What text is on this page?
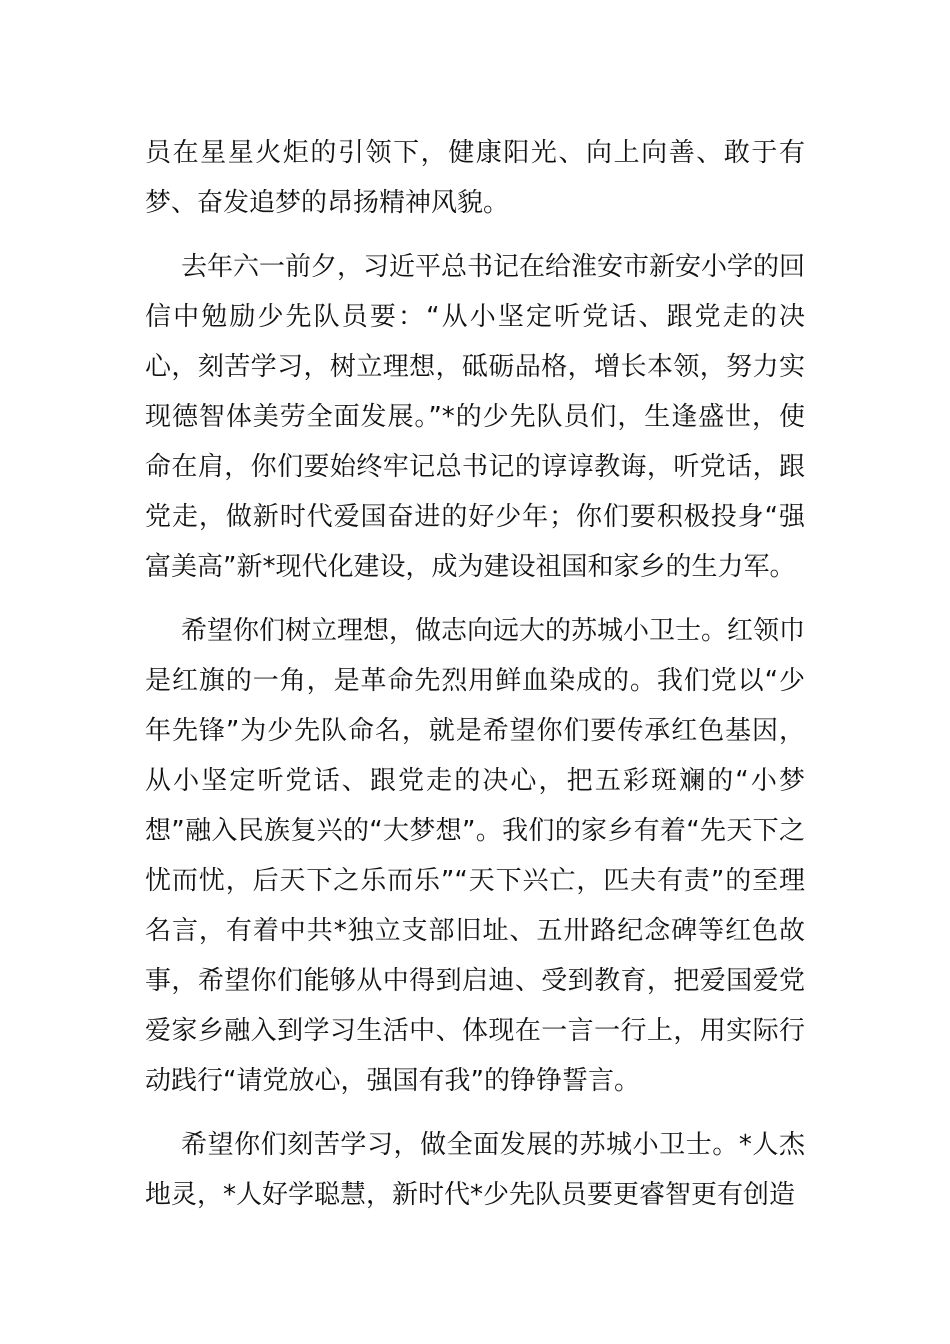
员在星星火炬的引领下，健康阳光、向上向善、敢于有梦、奋发追梦的昂扬精神风貌。

去年六一前夕，习近平总书记在给淮安市新安小学的回信中勉励少先队员要：“从小坚定听党话、跟党走的决心，刻苦学习，树立理想，砥砺品格，增长本领，努力实现德智体美劳全面发展。”*的少先队员们，生逢盛世，使命在肩，你们要始终牢记总书记的谆谆教诲，听党话，跟党走，做新时代爱国奋进的好少年；你们要积极投身“强富美高”新*现代化建设，成为建设祖国和家乡的生力军。

希望你们树立理想，做志向远大的苏城小卫士。红领巾是红旗的一角，是革命先烈用鲜血染成的。我们党以“少年先锋”为少先队命名，就是希望你们要传承红色基因，从小坚定听党话、跟党走的决心，把五彩斑斓的“小梦想”融入民族复兴的“大梦想”。我们的家乡有着“先天下之忧而忧，后天下之乐而乐”“天下兴亡，匹夫有责”的至理名言，有着中共*独立支部旧址、五卅路纪念碑等红色故事，希望你们能够从中得到启迪、受到教育，把爱国爱党爱家乡融入到学习生活中、体现在一言一行上，用实际行动践行“请党放心，强国有我”的铮铮誓言。

希望你们刻苦学习，做全面发展的苏城小卫士。*人杰地灵，*人好学聪慧，新时代*少先队员要更睿智更有创造
